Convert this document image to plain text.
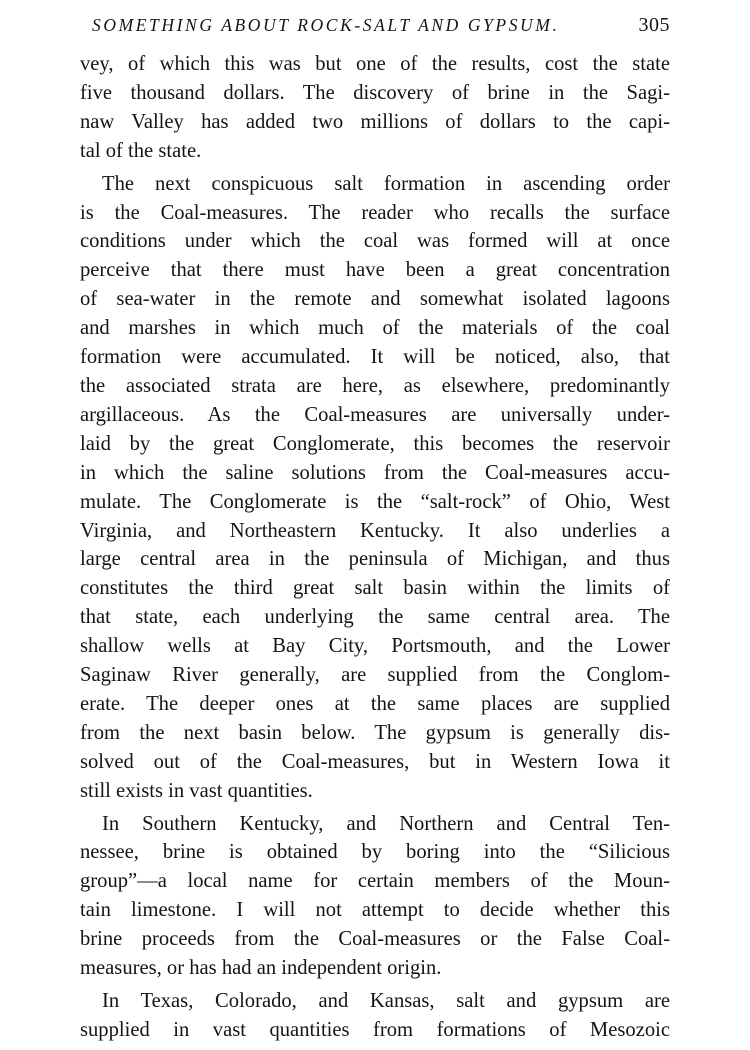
SOMETHING ABOUT ROCK-SALT AND GYPSUM.	305

vey, of which this was but one of the results, cost the state
five thousand dollars. The discovery of brine in the Sagi-
naw Valley has added two millions of dollars to the capi-
tal of the state.

The next conspicuous salt formation in ascending order
is the Coal-measures. The reader who recalls the surface
conditions under which the coal was formed will at once
perceive that there must have been a great concentration
of sea-water in the remote and somewhat isolated lagoons
and marshes in which much of the materials of the coal
formation were accumulated. It will be noticed, also, that
the associated strata are here, as elsewhere, predominantly
argillaceous. As the Coal-measures are universally under-
laid by the great Conglomerate, this becomes the reservoir
in which the saline solutions from the Coal-measures accu-
mulate. The Conglomerate is the “salt-rock” of Ohio, West
Virginia, and Northeastern Kentucky. It also underlies a
large central area in the peninsula of Michigan, and thus
constitutes the third great salt basin within the limits of
that state, each underlying the same central area. The
shallow wells at Bay City, Portsmouth, and the Lower
Saginaw River generally, are supplied from the Conglom-
erate. The deeper ones at the same places are supplied
from the next basin below. The gypsum is generally dis-
solved out of the Coal-measures, but in Western Iowa it
still exists in vast quantities.

In Southern Kentucky, and Northern and Central Ten-
nessee, brine is obtained by boring into the “Silicious
group”—a local name for certain members of the Moun-
tain limestone. I will not attempt to decide whether this
brine proceeds from the Coal-measures or the False Coal-
measures, or has had an independent origin.

In Texas, Colorado, and Kansas, salt and gypsum are
supplied in vast quantities from formations of Mesozoic
